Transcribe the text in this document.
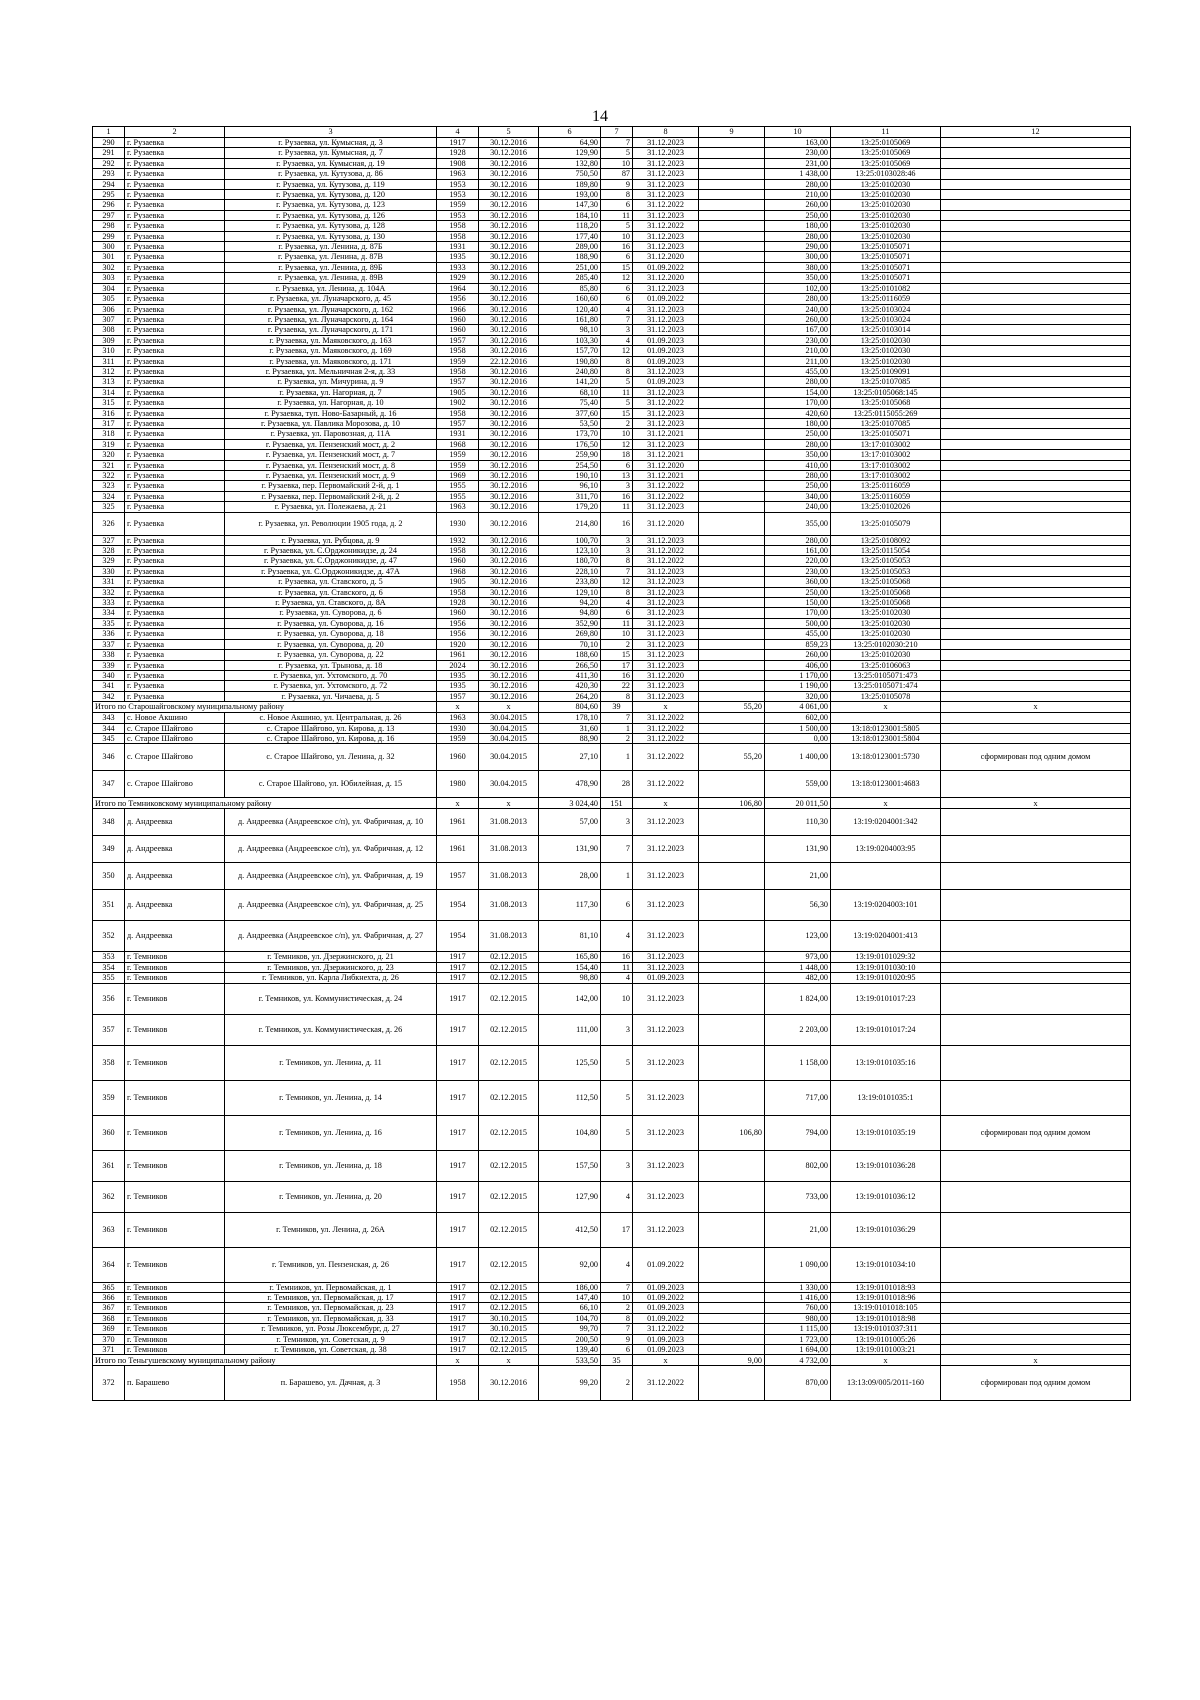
14
1	2	3	4	5	6	7	8	9	10	11	12
290	г. Рузаевка	г. Рузаевка, ул. Кумысная, д. 3	1917	30.12.2016	64,90	7	31.12.2023		163,00	13:25:0105069	
291	г. Рузаевка	г. Рузаевка, ул. Кумысная, д. 7	1928	30.12.2016	129,90	5	31.12.2023		230,00	13:25:0105069	
292	г. Рузаевка	г. Рузаевка, ул. Кумысная, д. 19	1908	30.12.2016	132,80	10	31.12.2023		231,00	13:25:0105069	
293	г. Рузаевка	г. Рузаевка, ул. Кутузова, д. 86	1963	30.12.2016	750,50	87	31.12.2023		1 438,00	13:25:0103028:46	
294	г. Рузаевка	г. Рузаевка, ул. Кутузова, д. 119	1953	30.12.2016	189,80	9	31.12.2023		280,00	13:25:0102030	
295	г. Рузаевка	г. Рузаевка, ул. Кутузова, д. 120	1953	30.12.2016	193,00	8	31.12.2023		210,00	13:25:0102030	
296	г. Рузаевка	г. Рузаевка, ул. Кутузова, д. 123	1959	30.12.2016	147,30	6	31.12.2022		260,00	13:25:0102030	
297	г. Рузаевка	г. Рузаевка, ул. Кутузова, д. 126	1953	30.12.2016	184,10	11	31.12.2023		250,00	13:25:0102030	
298	г. Рузаевка	г. Рузаевка, ул. Кутузова, д. 128	1958	30.12.2016	118,20	5	31.12.2022		180,00	13:25:0102030	
299	г. Рузаевка	г. Рузаевка, ул. Кутузова, д. 130	1958	30.12.2016	177,40	10	31.12.2023		280,00	13:25:0102030	
300	г. Рузаевка	г. Рузаевка, ул. Ленина, д. 87Б	1931	30.12.2016	289,00	16	31.12.2023		290,00	13:25:0105071	
301	г. Рузаевка	г. Рузаевка, ул. Ленина, д. 87В	1935	30.12.2016	188,90	6	31.12.2020		300,00	13:25:0105071	
302	г. Рузаевка	г. Рузаевка, ул. Ленина, д. 89Б	1933	30.12.2016	251,00	15	01.09.2022		380,00	13:25:0105071	
303	г. Рузаевка	г. Рузаевка, ул. Ленина, д. 89В	1929	30.12.2016	285,40	12	31.12.2020		350,00	13:25:0105071	
304	г. Рузаевка	г. Рузаевка, ул. Ленина, д. 104А	1964	30.12.2016	85,80	6	31.12.2023		102,00	13:25:0101082	
305	г. Рузаевка	г. Рузаевка, ул. Луначарского, д. 45	1956	30.12.2016	160,60	6	01.09.2022		280,00	13:25:0116059	
306	г. Рузаевка	г. Рузаевка, ул. Луначарского, д. 162	1966	30.12.2016	120,40	4	31.12.2023		240,00	13:25:0103024	
307	г. Рузаевка	г. Рузаевка, ул. Луначарского, д. 164	1960	30.12.2016	161,80	7	31.12.2023		260,00	13:25:0103024	
308	г. Рузаевка	г. Рузаевка, ул. Луначарского, д. 171	1960	30.12.2016	98,10	3	31.12.2023		167,00	13:25:0103014	
309	г. Рузаевка	г. Рузаевка, ул. Маяковского, д. 163	1957	30.12.2016	103,30	4	01.09.2023		230,00	13:25:0102030	
310	г. Рузаевка	г. Рузаевка, ул. Маяковского, д. 169	1958	30.12.2016	157,70	12	01.09.2023		210,00	13:25:0102030	
311	г. Рузаевка	г. Рузаевка, ул. Маяковского, д. 171	1959	22.12.2016	190,80	8	01.09.2023		211,00	13:25:0102030	
312	г. Рузаевка	г. Рузаевка, ул. Мельничная 2-я, д. 33	1958	30.12.2016	240,80	8	31.12.2023		455,00	13:25:0109091	
313	г. Рузаевка	г. Рузаевка, ул. Мичурина, д. 9	1957	30.12.2016	141,20	5	01.09.2023		280,00	13:25:0107085	
314	г. Рузаевка	г. Рузаевка, ул. Нагорная, д. 7	1905	30.12.2016	68,10	11	31.12.2023		154,00	13:25:0105068:145	
315	г. Рузаевка	г. Рузаевка, ул. Нагорная, д. 10	1902	30.12.2016	75,40	5	31.12.2022		170,00	13:25:0105068	
316	г. Рузаевка	г. Рузаевка, туп. Ново-Базарный, д. 16	1958	30.12.2016	377,60	15	31.12.2023		420,60	13:25:0115055:269	
317	г. Рузаевка	г. Рузаевка, ул. Павлика Морозова, д. 10	1957	30.12.2016	53,50	2	31.12.2023		180,00	13:25:0107085	
318	г. Рузаевка	г. Рузаевка, ул. Паровозная, д. 11А	1931	30.12.2016	173,70	10	31.12.2021		250,00	13:25:0105071	
319	г. Рузаевка	г. Рузаевка, ул. Пензенский мост, д. 2	1968	30.12.2016	176,50	12	31.12.2023		280,00	13:17:0103002	
320	г. Рузаевка	г. Рузаевка, ул. Пензенский мост, д. 7	1959	30.12.2016	259,90	18	31.12.2021		350,00	13:17:0103002	
321	г. Рузаевка	г. Рузаевка, ул. Пензенский мост, д. 8	1959	30.12.2016	254,50	6	31.12.2020		410,00	13:17:0103002	
322	г. Рузаевка	г. Рузаевка, ул. Пензенский мост, д. 9	1969	30.12.2016	190,10	13	31.12.2021		280,00	13:17:0103002	
323	г. Рузаевка	г. Рузаевка, пер. Первомайский 2-й, д. 1	1955	30.12.2016	96,10	3	31.12.2022		250,00	13:25:0116059	
324	г. Рузаевка	г. Рузаевка, пер. Первомайский 2-й, д. 2	1955	30.12.2016	311,70	16	31.12.2022		340,00	13:25:0116059	
325	г. Рузаевка	г. Рузаевка, ул. Полежаева, д. 21	1963	30.12.2016	179,20	11	31.12.2023		240,00	13:25:0102026	
326	г. Рузаевка	г. Рузаевка, ул. Революции 1905 года, д. 2	1930	30.12.2016	214,80	16	31.12.2020		355,00	13:25:0105079	
327	г. Рузаевка	г. Рузаевка, ул. Рубцова, д. 9	1932	30.12.2016	100,70	3	31.12.2023		280,00	13:25:0108092	
328	г. Рузаевка	г. Рузаевка, ул. С.Орджоникидзе, д. 24	1958	30.12.2016	123,10	3	31.12.2022		161,00	13:25:0115054	
329	г. Рузаевка	г. Рузаевка, ул. С.Орджоникидзе, д. 47	1960	30.12.2016	180,70	8	31.12.2022		220,00	13:25:0105053	
330	г. Рузаевка	г. Рузаевка, ул. С.Орджоникидзе, д. 47А	1968	30.12.2016	228,10	7	31.12.2023		230,00	13:25:0105053	
331	г. Рузаевка	г. Рузаевка, ул. Ставского, д. 5	1905	30.12.2016	233,80	12	31.12.2023		360,00	13:25:0105068	
332	г. Рузаевка	г. Рузаевка, ул. Ставского, д. 6	1958	30.12.2016	129,10	8	31.12.2023		250,00	13:25:0105068	
333	г. Рузаевка	г. Рузаевка, ул. Ставского, д. 8А	1928	30.12.2016	94,20	4	31.12.2023		150,00	13:25:0105068	
334	г. Рузаевка	г. Рузаевка, ул. Суворова, д. 6	1960	30.12.2016	94,80	6	31.12.2023		170,00	13:25:0102030	
335	г. Рузаевка	г. Рузаевка, ул. Суворова, д. 16	1956	30.12.2016	352,90	11	31.12.2023		500,00	13:25:0102030	
336	г. Рузаевка	г. Рузаевка, ул. Суворова, д. 18	1956	30.12.2016	269,80	10	31.12.2023		455,00	13:25:0102030	
337	г. Рузаевка	г. Рузаевка, ул. Суворова, д. 20	1920	30.12.2016	70,10	2	31.12.2023		859,23	13:25:0102030:210	
338	г. Рузаевка	г. Рузаевка, ул. Суворова, д. 22	1961	30.12.2016	188,60	15	31.12.2023		260,00	13:25:0102030	
339	г. Рузаевка	г. Рузаевка, ул. Трынова, д. 18	2024	30.12.2016	266,50	17	31.12.2023		406,00	13:25:0106063	
340	г. Рузаевка	г. Рузаевка, ул. Ухтомского, д. 70	1935	30.12.2016	411,30	16	31.12.2020		1 170,00	13:25:0105071:473	
341	г. Рузаевка	г. Рузаевка, ул. Ухтомского, д. 72	1935	30.12.2016	420,30	22	31.12.2023		1 190,00	13:25:0105071:474	
342	г. Рузаевка	г. Рузаевка, ул. Чичаева, д. 5	1957	30.12.2016	264,20	8	31.12.2023		320,00	13:25:0105078	
Итого по Старошайговскому муниципальному району			x	x	804,60	39	x	55,20	4 061,00	x	x
343	с. Новое Акшино	с. Новое Акшино, ул. Центральная, д. 26	1963	30.04.2015	178,10	7	31.12.2022		602,00		
344	с. Старое Шайгово	с. Старое Шайгово, ул. Кирова, д. 13	1930	30.04.2015	31,60	1	31.12.2022		1 500,00	13:18:0123001:5805	
345	с. Старое Шайгово	с. Старое Шайгово, ул. Кирова, д. 16	1959	30.04.2015	88,90	2	31.12.2022		0,00	13:18:0123001:5804	
346	с. Старое Шайгово	с. Старое Шайгово, ул. Ленина, д. 32	1960	30.04.2015	27,10	1	31.12.2022	55,20	1 400,00	13:18:0123001:5730	сформирован под одним домом
347	с. Старое Шайгово	с. Старое Шайгово, ул. Юбилейная, д. 15	1980	30.04.2015	478,90	28	31.12.2022		559,00	13:18:0123001:4683	
Итого по Темниковскому муниципальному району			x	x	3 024,40	151	x	106,80	20 011,50	x	x
348	д. Андреевка	д. Андреевка (Андреевское с/п), ул. Фабричная, д. 10	1961	31.08.2013	57,00	3	31.12.2023		110,30	13:19:0204001:342	
349	д. Андреевка	д. Андреевка (Андреевское с/п), ул. Фабричная, д. 12	1961	31.08.2013	131,90	7	31.12.2023		131,90	13:19:0204003:95	
350	д. Андреевка	д. Андреевка (Андреевское с/п), ул. Фабричная, д. 19	1957	31.08.2013	28,00	1	31.12.2023		21,00		
351	д. Андреевка	д. Андреевка (Андреевское с/п), ул. Фабричная, д. 25	1954	31.08.2013	117,30	6	31.12.2023		56,30	13:19:0204003:101	
352	д. Андреевка	д. Андреевка (Андреевское с/п), ул. Фабричная, д. 27	1954	31.08.2013	81,10	4	31.12.2023		123,00	13:19:0204001:413	
353	г. Темников	г. Темников, ул. Дзержинского, д. 21	1917	02.12.2015	165,80	16	31.12.2023		973,00	13:19:0101029:32	
354	г. Темников	г. Темников, ул. Дзержинского, д. 23	1917	02.12.2015	154,40	11	31.12.2023		1 448,00	13:19:0101030:10	
355	г. Темников	г. Темников, ул. Карла Либкнехта, д. 26	1917	02.12.2015	98,80	4	01.09.2023		482,00	13:19:0101020:95	
356	г. Темников	г. Темников, ул. Коммунистическая, д. 24	1917	02.12.2015	142,00	10	31.12.2023		1 824,00	13:19:0101017:23	
357	г. Темников	г. Темников, ул. Коммунистическая, д. 26	1917	02.12.2015	111,00	3	31.12.2023		2 203,00	13:19:0101017:24	
358	г. Темников	г. Темников, ул. Ленина, д. 11	1917	02.12.2015	125,50	5	31.12.2023		1 158,00	13:19:0101035:16	
359	г. Темников	г. Темников, ул. Ленина, д. 14	1917	02.12.2015	112,50	5	31.12.2023		717,00	13:19:0101035:1	
360	г. Темников	г. Темников, ул. Ленина, д. 16	1917	02.12.2015	104,80	5	31.12.2023	106,80	794,00	13:19:0101035:19	сформирован под одним домом
361	г. Темников	г. Темников, ул. Ленина, д. 18	1917	02.12.2015	157,50	3	31.12.2023		802,00	13:19:0101036:28	
362	г. Темников	г. Темников, ул. Ленина, д. 20	1917	02.12.2015	127,90	4	31.12.2023		733,00	13:19:0101036:12	
363	г. Темников	г. Темников, ул. Ленина, д. 26А	1917	02.12.2015	412,50	17	31.12.2023		21,00	13:19:0101036:29	
364	г. Темников	г. Темников, ул. Пензенская, д. 26	1917	02.12.2015	92,00	4	01.09.2022		1 090,00	13:19:0101034:10	
365	г. Темников	г. Темников, ул. Первомайская, д. 1	1917	02.12.2015	186,00	7	01.09.2023		1 330,00	13:19:0101018:93	
366	г. Темников	г. Темников, ул. Первомайская, д. 17	1917	02.12.2015	147,40	10	01.09.2022		1 416,00	13:19:0101018:96	
367	г. Темников	г. Темников, ул. Первомайская, д. 23	1917	02.12.2015	66,10	2	01.09.2023		760,00	13:19:0101018:105	
368	г. Темников	г. Темников, ул. Первомайская, д. 33	1917	30.10.2015	104,70	8	01.09.2022		980,00	13:19:0101018:98	
369	г. Темников	г. Темников, ул. Розы Люксембург, д. 27	1917	30.10.2015	99,70	7	31.12.2022		1 115,00	13:19:0101037:311	
370	г. Темников	г. Темников, ул. Советская, д. 9	1917	02.12.2015	200,50	9	01.09.2023		1 723,00	13:19:0101005:26	
371	г. Темников	г. Темников, ул. Советская, д. 38	1917	02.12.2015	139,40	6	01.09.2023		1 694,00	13:19:0101003:21	
Итого по Теньгушевскому муниципальному району			x	x	533,50	35	x	9,00	4 732,00	x	x
372	п. Барашево	п. Барашево, ул. Дачная, д. 3	1958	30.12.2016	99,20	2	31.12.2022		870,00	13:13:09/005/2011-160	сформирован под одним домом
